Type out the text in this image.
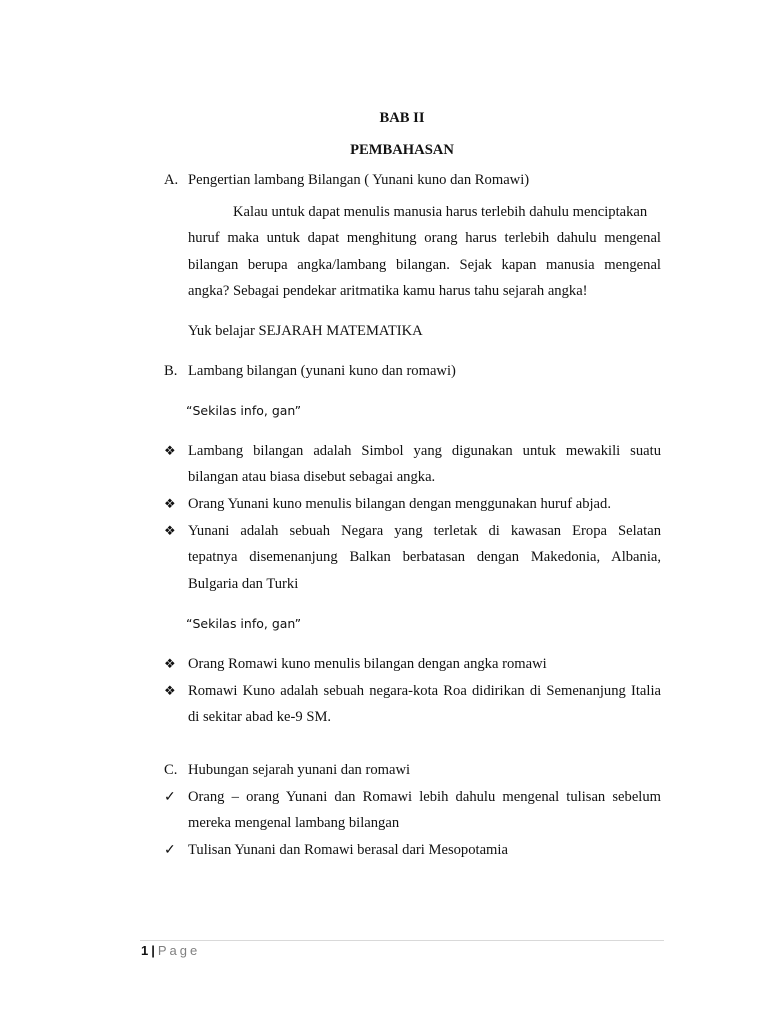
BAB II
PEMBAHASAN
A. Pengertian lambang Bilangan ( Yunani kuno dan Romawi)
Kalau untuk dapat menulis manusia harus terlebih dahulu menciptakan
huruf maka untuk dapat menghitung orang harus terlebih dahulu mengenal
bilangan berupa angka/lambang bilangan. Sejak kapan manusia mengenal
angka? Sebagai pendekar aritmatika kamu harus tahu sejarah angka!
Yuk belajar SEJARAH MATEMATIKA
B. Lambang bilangan (yunani kuno dan romawi)
“Sekilas info, gan”
❖ Lambang bilangan adalah Simbol yang digunakan untuk mewakili suatu
bilangan atau biasa disebut sebagai angka.
❖ Orang Yunani kuno menulis bilangan dengan menggunakan huruf abjad.
❖ Yunani adalah sebuah Negara yang terletak di kawasan Eropa Selatan
tepatnya disemenanjung Balkan berbatasan dengan Makedonia, Albania,
Bulgaria dan Turki
“Sekilas info, gan”
❖ Orang Romawi kuno menulis bilangan dengan angka romawi
❖ Romawi Kuno adalah sebuah negara-kota Roa didirikan di Semenanjung Italia
di sekitar abad ke-9 SM.
C. Hubungan sejarah yunani dan romawi
✓ Orang – orang Yunani dan Romawi lebih dahulu mengenal tulisan sebelum
mereka mengenal lambang bilangan
✓ Tulisan Yunani dan Romawi berasal dari Mesopotamia
1 | Page
